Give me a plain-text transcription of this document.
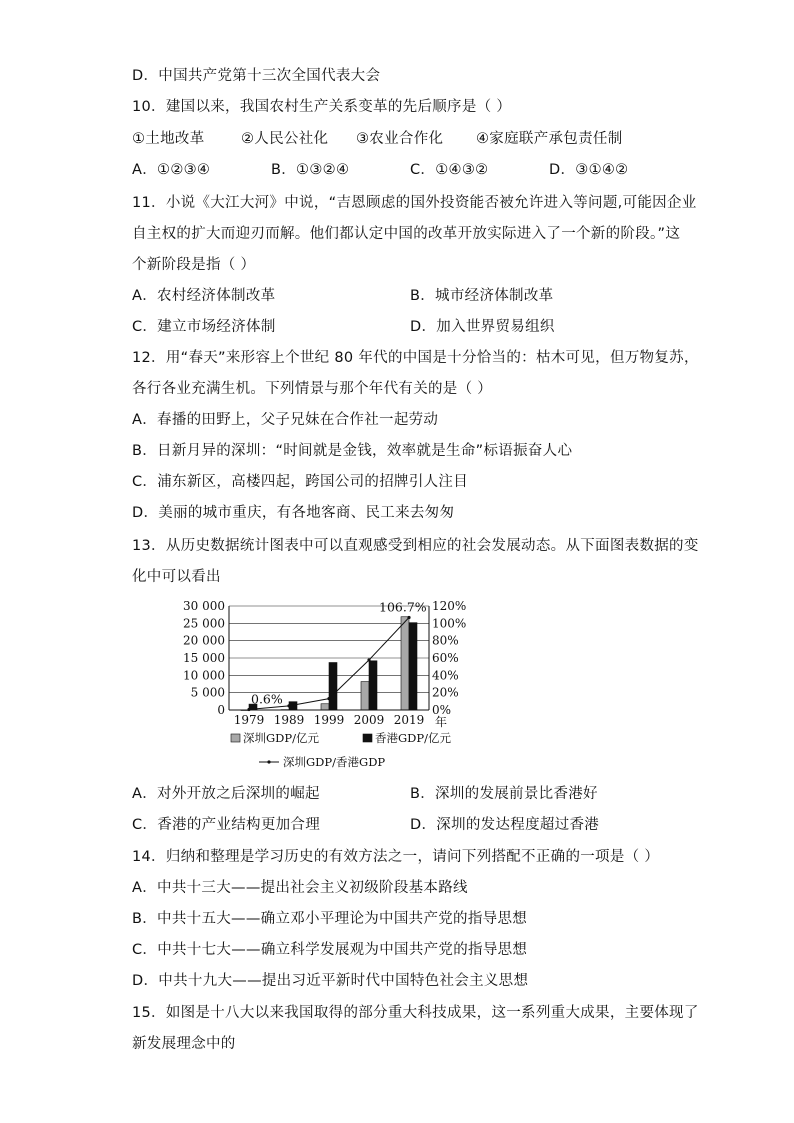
D．中国共产党第十三次全国代表大会
10．建国以来，我国农村生产关系变革的先后顺序是（ ）
①土地改革	②人民公社化 ③农业合作化 ④家庭联产承包责任制
A．①②③④	B．①③②④	C．①④③②	D．③①④②
11．小说《大江大河》中说，“吉恩顾虑的国外投资能否被允许进入等问题,可能因企业
自主权的扩大而迎刃而解。他们都认定中国的改革开放实际进入了一个新的阶段。”这
个新阶段是指（ ）
A．农村经济体制改革	B．城市经济体制改革
C．建立市场经济体制	D．加入世界贸易组织
12．用“春天”来形容上个世纪 80 年代的中国是十分恰当的：枯木可见，但万物复苏，
各行各业充满生机。下列情景与那个年代有关的是（ ）
A．春播的田野上，父子兄妹在合作社一起劳动
B．日新月异的深圳：“时间就是金钱，效率就是生命”标语振奋人心
C．浦东新区，高楼四起，跨国公司的招牌引人注目
D．美丽的城市重庆，有各地客商、民工来去匆匆
13．从历史数据统计图表中可以直观感受到相应的社会发展动态。从下面图表数据的变
化中可以看出
0
5 000
10 000
15 000
20 000
25 000
30 000
0%
20%
40%
60%
80%
100%
120%
1979 1989 1999 2009 2019 年
0.6%
106.7%
深圳GDP/亿元	香港GDP/亿元
深圳GDP/香港GDP
A．对外开放之后深圳的崛起	B．深圳的发展前景比香港好
C．香港的产业结构更加合理	D．深圳的发达程度超过香港
14．归纳和整理是学习历史的有效方法之一，请问下列搭配不正确的一项是（ ）
A．中共十三大——提出社会主义初级阶段基本路线
B．中共十五大——确立邓小平理论为中国共产党的指导思想
C．中共十七大——确立科学发展观为中国共产党的指导思想
D．中共十九大——提出习近平新时代中国特色社会主义思想
15．如图是十八大以来我国取得的部分重大科技成果，这一系列重大成果，主要体现了
新发展理念中的
